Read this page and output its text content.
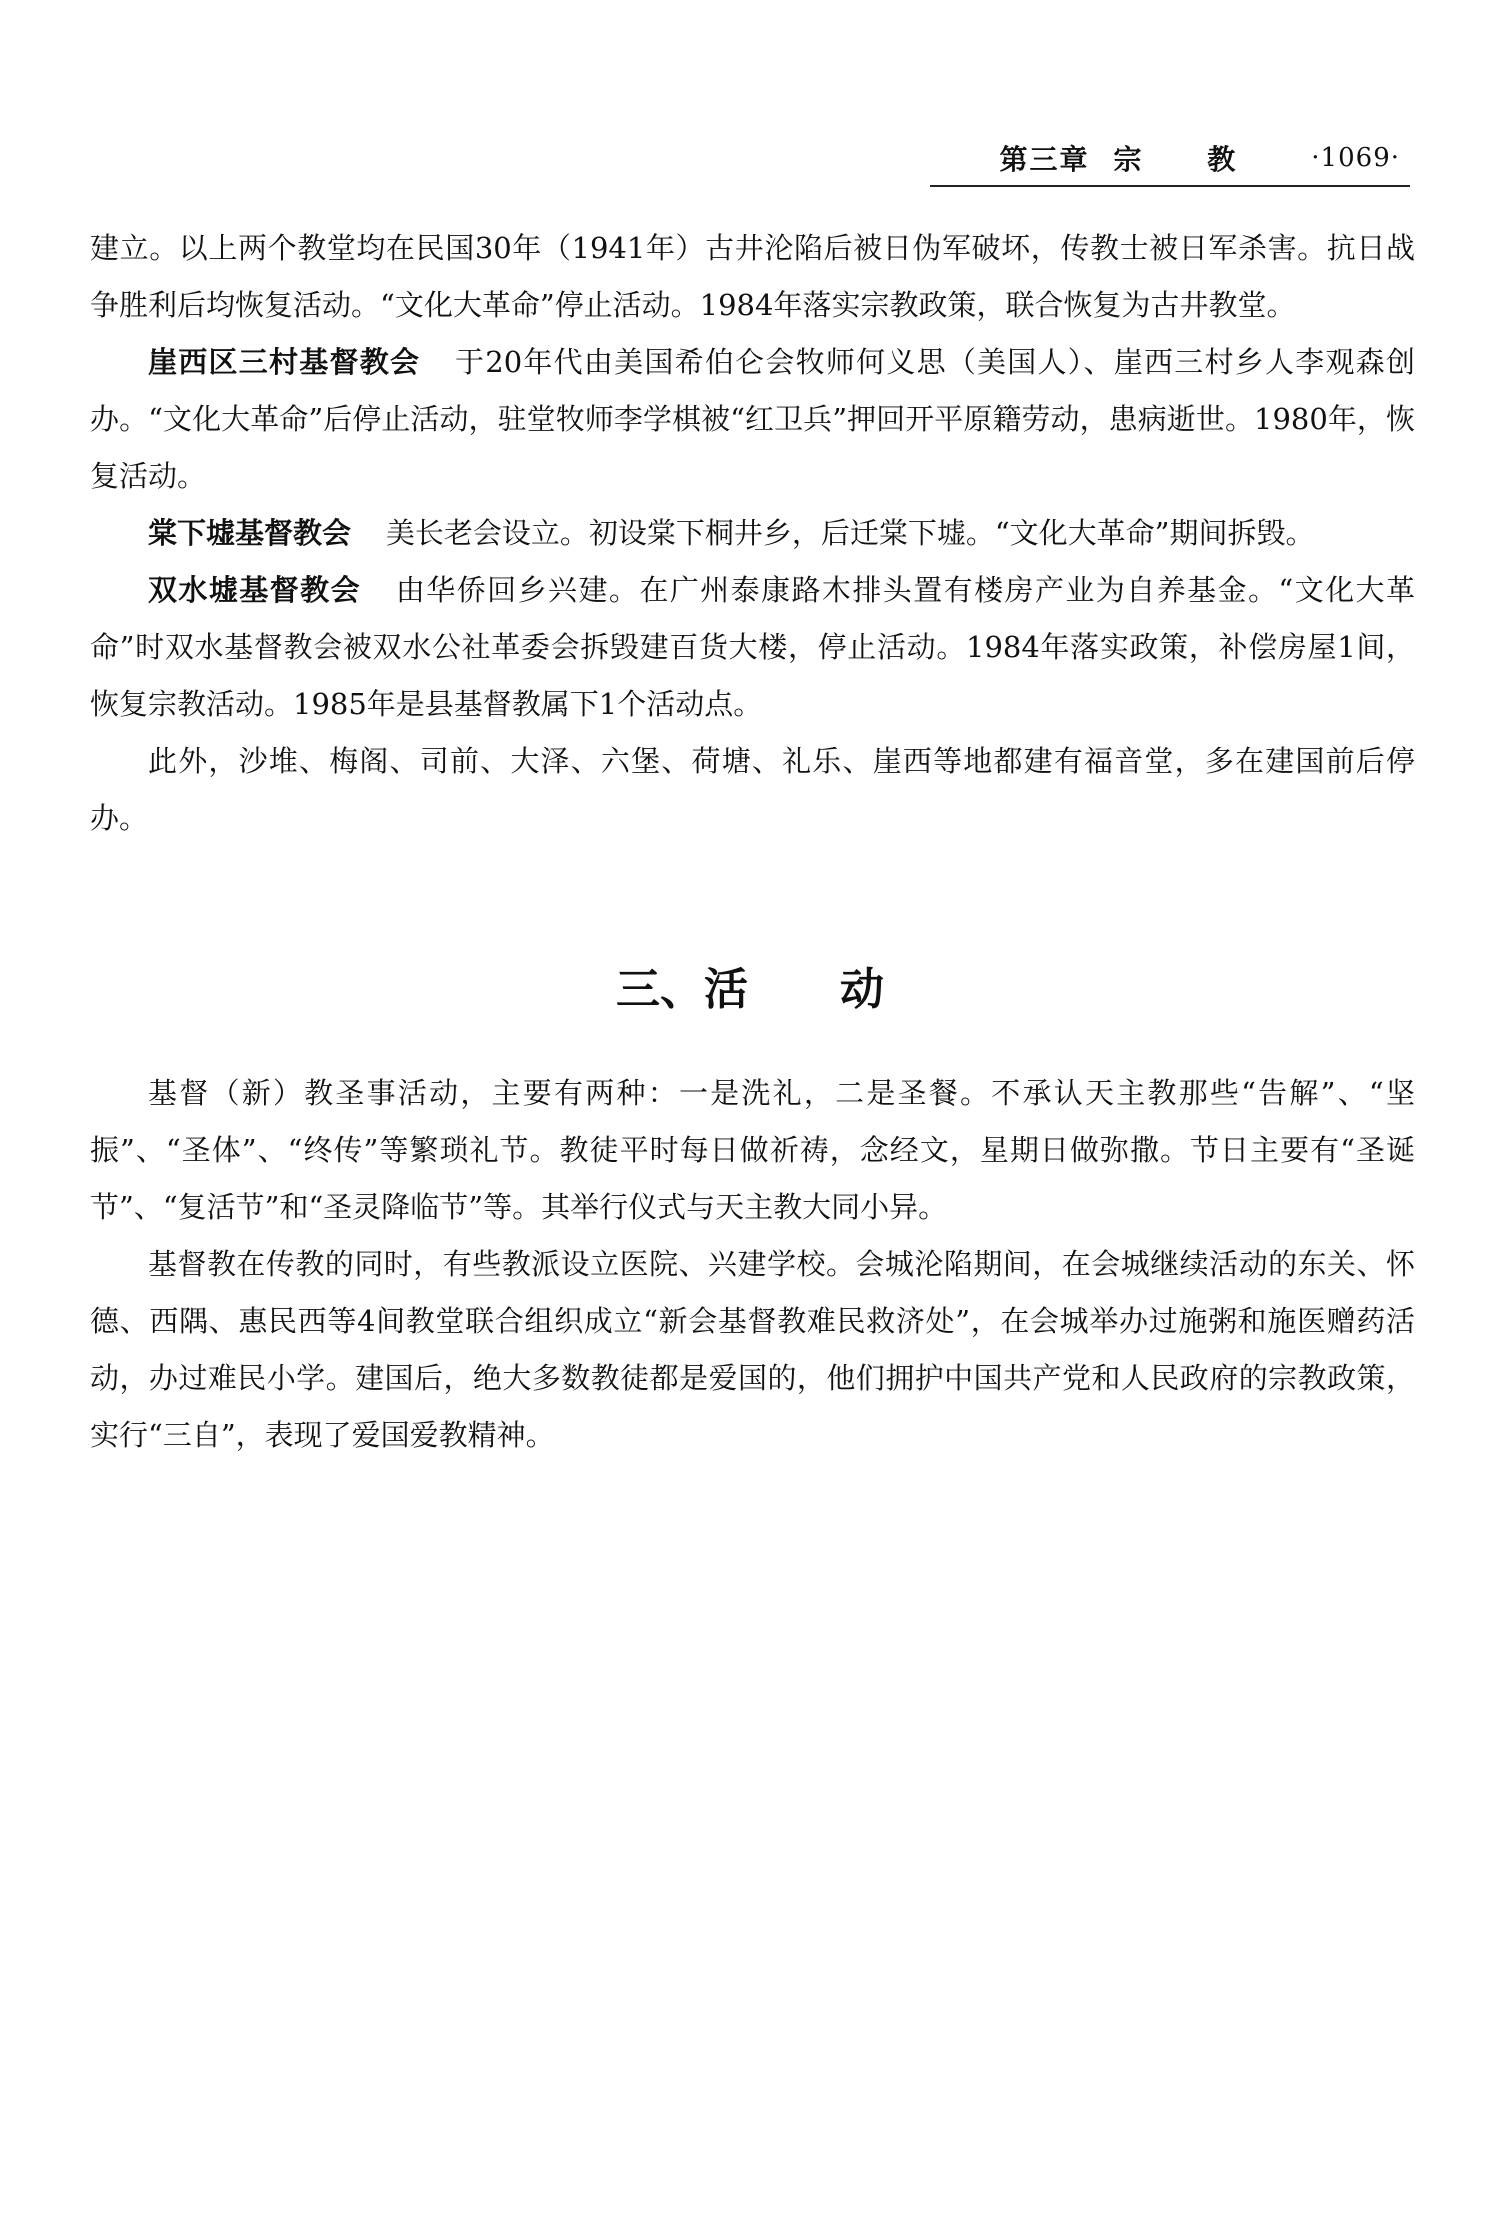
第三章 宗 教 ·1069·

建立。以上两个教堂均在民国30年（1941年）古井沦陷后被日伪军破坏，传教士被日军杀害。抗日战争胜利后均恢复活动。“文化大革命”停止活动。1984年落实宗教政策，联合恢复为古井教堂。

崖西区三村基督教会 于20年代由美国希伯仑会牧师何义思（美国人）、崖西三村乡人李观森创办。“文化大革命”后停止活动，驻堂牧师李学棋被“红卫兵”押回开平原籍劳动，患病逝世。1980年，恢复活动。

棠下墟基督教会 美长老会设立。初设棠下桐井乡，后迁棠下墟。“文化大革命”期间拆毁。

双水墟基督教会 由华侨回乡兴建。在广州泰康路木排头置有楼房产业为自养基金。“文化大革命”时双水基督教会被双水公社革委会拆毁建百货大楼，停止活动。1984年落实政策，补偿房屋1间，恢复宗教活动。1985年是县基督教属下1个活动点。

此外，沙堆、梅阁、司前、大泽、六堡、荷塘、礼乐、崖西等地都建有福音堂，多在建国前后停办。

三、活 动

基督（新）教圣事活动，主要有两种：一是洗礼，二是圣餐。不承认天主教那些“告解”、“坚振”、“圣体”、“终传”等繁琐礼节。教徒平时每日做祈祷，念经文，星期日做弥撒。节日主要有“圣诞节”、“复活节”和“圣灵降临节”等。其举行仪式与天主教大同小异。

基督教在传教的同时，有些教派设立医院、兴建学校。会城沦陷期间，在会城继续活动的东关、怀德、西隅、惠民西等4间教堂联合组织成立“新会基督教难民救济处”，在会城举办过施粥和施医赠药活动，办过难民小学。建国后，绝大多数教徒都是爱国的，他们拥护中国共产党和人民政府的宗教政策，实行“三自”，表现了爱国爱教精神。
